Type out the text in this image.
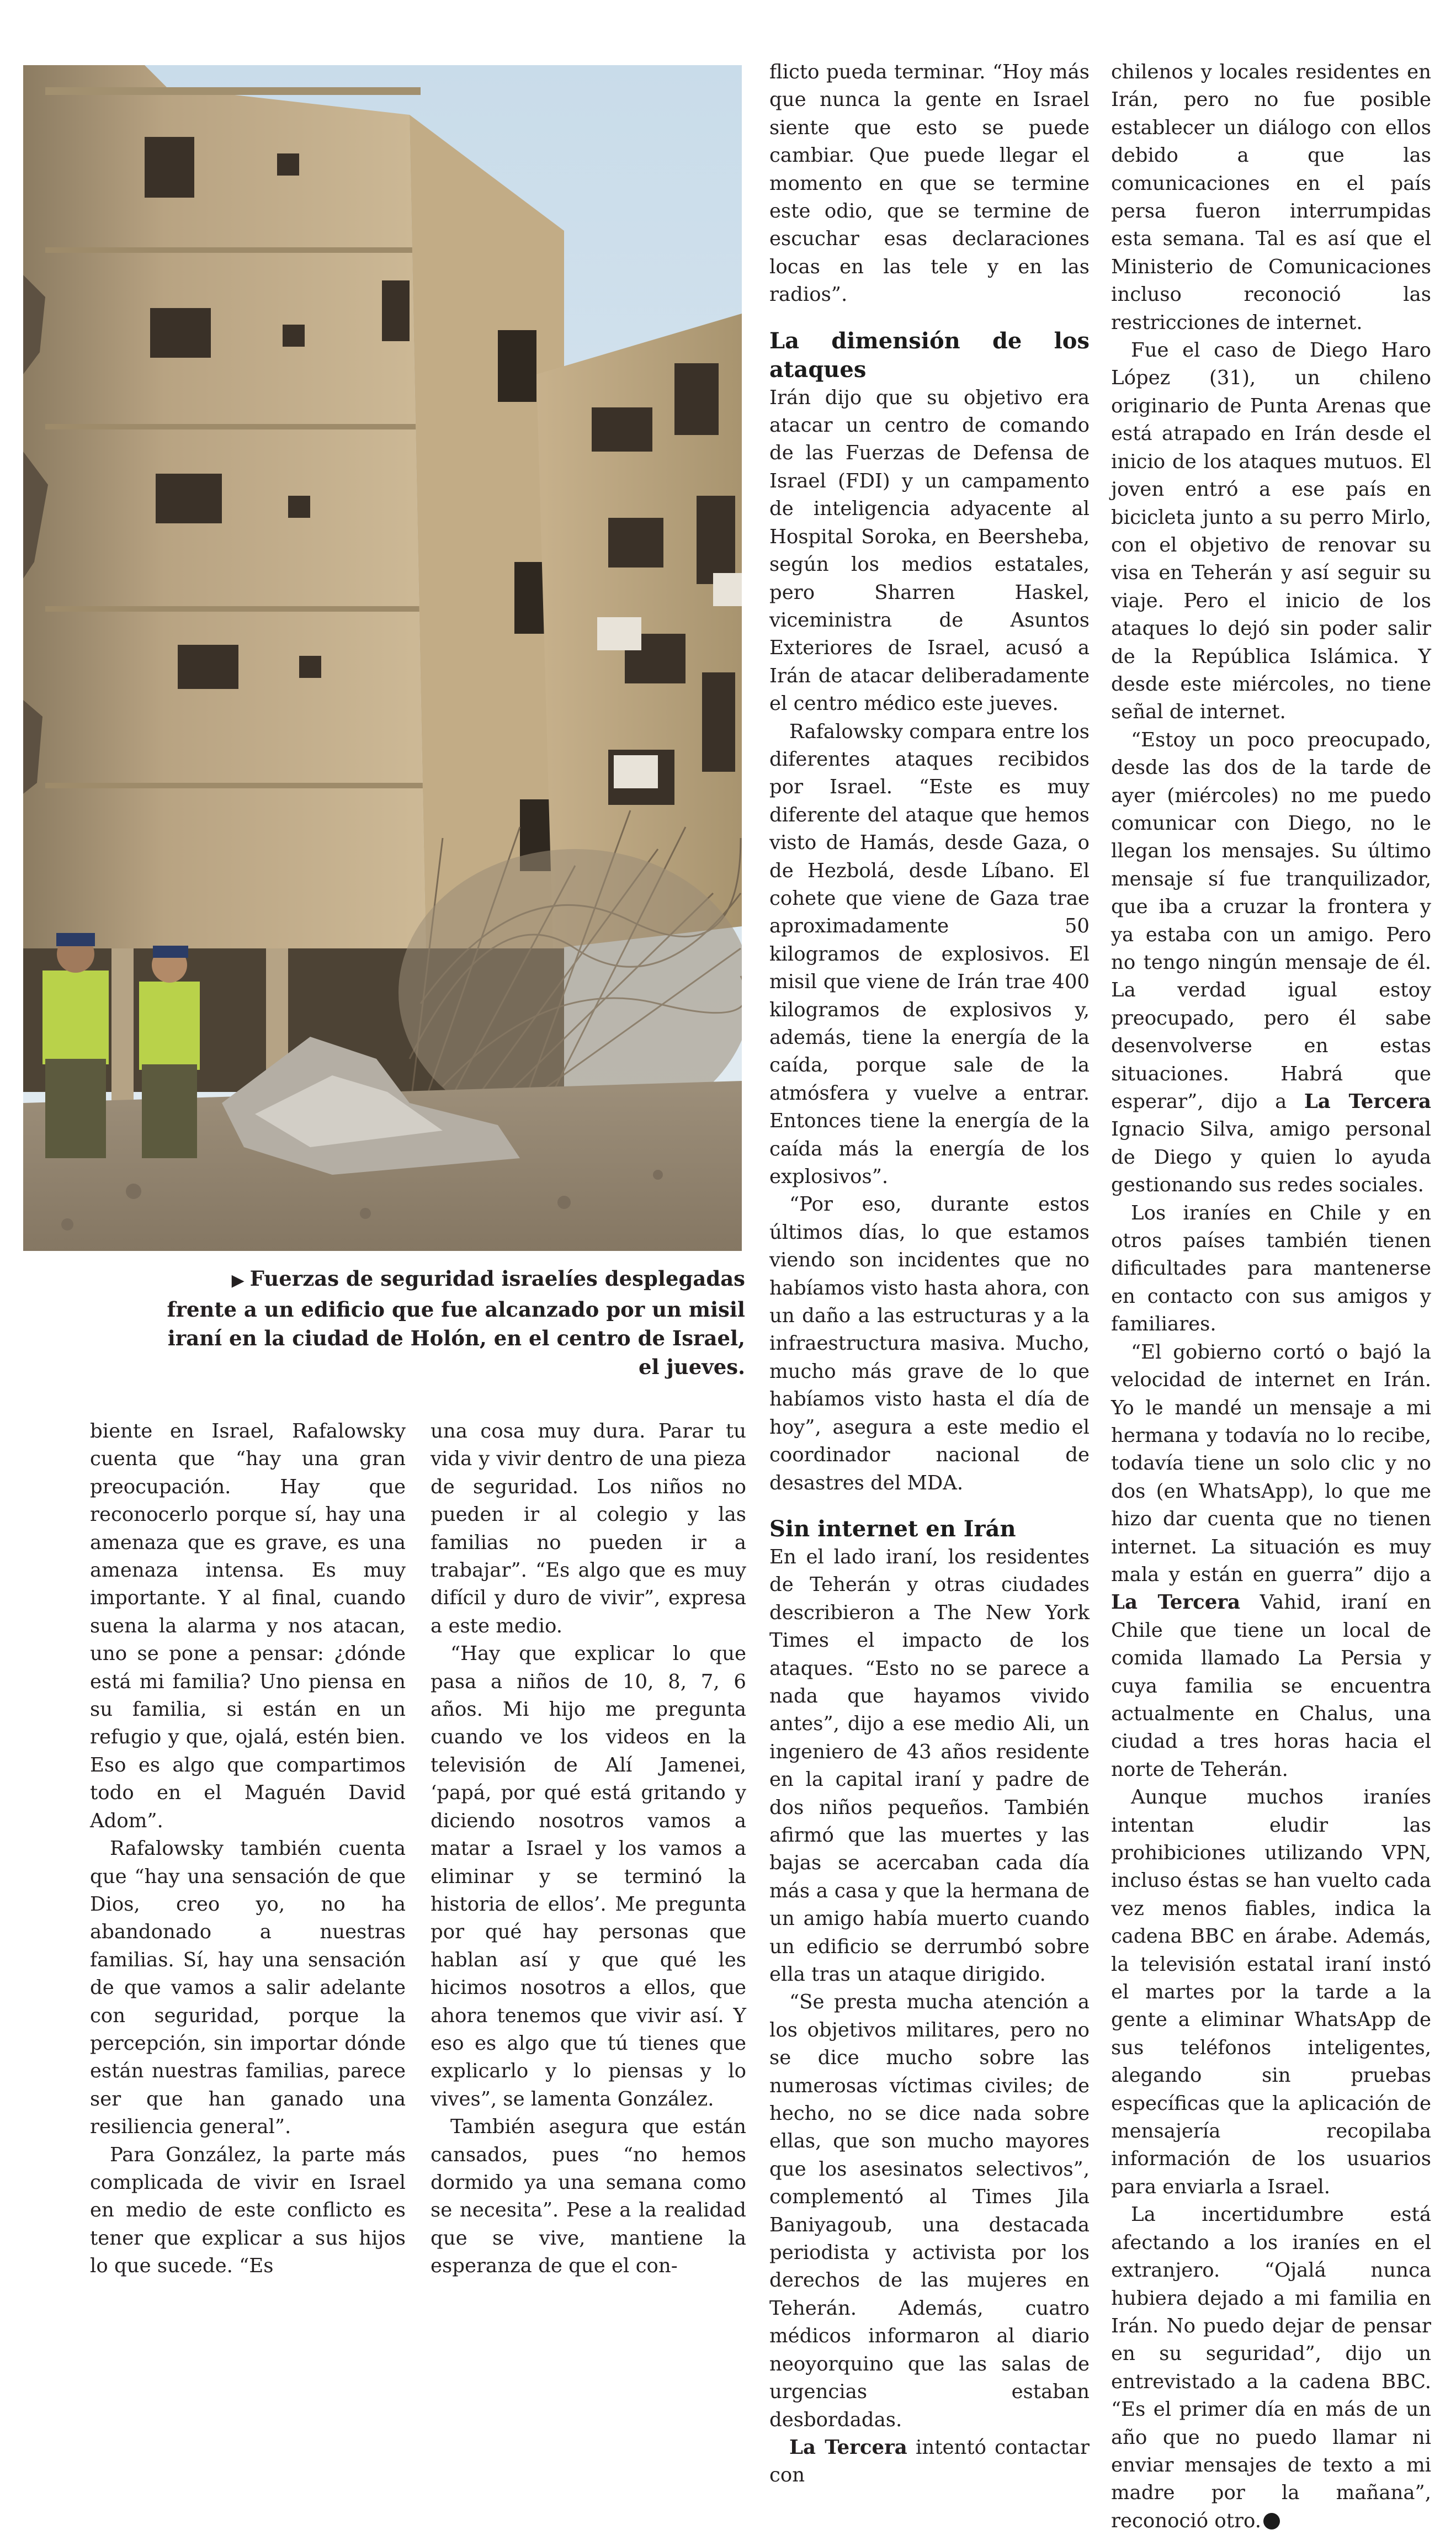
▶ Fuerzas de seguridad israelíes desplegadas frente a un edificio que fue alcanzado por un misil iraní en la ciudad de Holón, en el centro de Israel, el jueves.

flicto pueda terminar. “Hoy más que nunca la gente en Israel siente que esto se puede cambiar. Que puede llegar el momento en que se termine este odio, que se termine de escuchar esas declaraciones locas en las tele y en las radios”.

La dimensión de los ataques

Irán dijo que su objetivo era atacar un centro de comando de las Fuerzas de Defensa de Israel (FDI) y un campamento de inteligencia adyacente al Hospital Soroka, en Beersheba, según los medios estatales, pero Sharren Haskel, viceministra de Asuntos Exteriores de Israel, acusó a Irán de atacar deliberadamente el centro médico este jueves.

Rafalowsky compara entre los diferentes ataques recibidos por Israel. “Este es muy diferente del ataque que hemos visto de Hamás, desde Gaza, o de Hezbolá, desde Líbano. El cohete que viene de Gaza trae aproximadamente 50 kilogramos de explosivos. El misil que viene de Irán trae 400 kilogramos de explosivos y, además, tiene la energía de la caída, porque sale de la atmósfera y vuelve a entrar. Entonces tiene la energía de la caída más la energía de los explosivos”.

“Por eso, durante estos últimos días, lo que estamos viendo son incidentes que no habíamos visto hasta ahora, con un daño a las estructuras y a la infraestructura masiva. Mucho, mucho más grave de lo que habíamos visto hasta el día de hoy”, asegura a este medio el coordinador nacional de desastres del MDA.

Sin internet en Irán

En el lado iraní, los residentes de Teherán y otras ciudades describieron a The New York Times el impacto de los ataques. “Esto no se parece a nada que hayamos vivido antes”, dijo a ese medio Ali, un ingeniero de 43 años residente en la capital iraní y padre de dos niños pequeños. También afirmó que las muertes y las bajas se acercaban cada día más a casa y que la hermana de un amigo había muerto cuando un edificio se derrumbó sobre ella tras un ataque dirigido.

“Se presta mucha atención a los objetivos militares, pero no se dice mucho sobre las numerosas víctimas civiles; de hecho, no se dice nada sobre ellas, que son mucho mayores que los asesinatos selectivos”, complementó al Times Jila Baniyagoub, una destacada periodista y activista por los derechos de las mujeres en Teherán. Además, cuatro médicos informaron al diario neoyorquino que las salas de urgencias estaban desbordadas.

La Tercera intentó contactar con

chilenos y locales residentes en Irán, pero no fue posible establecer un diálogo con ellos debido a que las comunicaciones en el país persa fueron interrumpidas esta semana. Tal es así que el Ministerio de Comunicaciones incluso reconoció las restricciones de internet.

Fue el caso de Diego Haro López (31), un chileno originario de Punta Arenas que está atrapado en Irán desde el inicio de los ataques mutuos. El joven entró a ese país en bicicleta junto a su perro Mirlo, con el objetivo de renovar su visa en Teherán y así seguir su viaje. Pero el inicio de los ataques lo dejó sin poder salir de la República Islámica. Y desde este miércoles, no tiene señal de internet.

“Estoy un poco preocupado, desde las dos de la tarde de ayer (miércoles) no me puedo comunicar con Diego, no le llegan los mensajes. Su último mensaje sí fue tranquilizador, que iba a cruzar la frontera y ya estaba con un amigo. Pero no tengo ningún mensaje de él. La verdad igual estoy preocupado, pero él sabe desenvolverse en estas situaciones. Habrá que esperar”, dijo a La Tercera Ignacio Silva, amigo personal de Diego y quien lo ayuda gestionando sus redes sociales.

Los iraníes en Chile y en otros países también tienen dificultades para mantenerse en contacto con sus amigos y familiares.

“El gobierno cortó o bajó la velocidad de internet en Irán. Yo le mandé un mensaje a mi hermana y todavía no lo recibe, todavía tiene un solo clic y no dos (en WhatsApp), lo que me hizo dar cuenta que no tienen internet. La situación es muy mala y están en guerra” dijo a La Tercera Vahid, iraní en Chile que tiene un local de comida llamado La Persia y cuya familia se encuentra actualmente en Chalus, una ciudad a tres horas hacia el norte de Teherán.

Aunque muchos iraníes intentan eludir las prohibiciones utilizando VPN, incluso éstas se han vuelto cada vez menos fiables, indica la cadena BBC en árabe. Además, la televisión estatal iraní instó el martes por la tarde a la gente a eliminar WhatsApp de sus teléfonos inteligentes, alegando sin pruebas específicas que la aplicación de mensajería recopilaba información de los usuarios para enviarla a Israel.

La incertidumbre está afectando a los iraníes en el extranjero. “Ojalá nunca hubiera dejado a mi familia en Irán. No puedo dejar de pensar en su seguridad”, dijo un entrevistado a la cadena BBC. “Es el primer día en más de un año que no puedo llamar ni enviar mensajes de texto a mi madre por la mañana”, reconoció otro.

biente en Israel, Rafalowsky cuenta que “hay una gran preocupación. Hay que reconocerlo porque sí, hay una amenaza que es grave, es una amenaza intensa. Es muy importante. Y al final, cuando suena la alarma y nos atacan, uno se pone a pensar: ¿dónde está mi familia? Uno piensa en su familia, si están en un refugio y que, ojalá, estén bien. Eso es algo que compartimos todo en el Maguén David Adom”.

Rafalowsky también cuenta que “hay una sensación de que Dios, creo yo, no ha abandonado a nuestras familias. Sí, hay una sensación de que vamos a salir adelante con seguridad, porque la percepción, sin importar dónde están nuestras familias, parece ser que han ganado una resiliencia general”.

Para González, la parte más complicada de vivir en Israel en medio de este conflicto es tener que explicar a sus hijos lo que sucede. “Es

una cosa muy dura. Parar tu vida y vivir dentro de una pieza de seguridad. Los niños no pueden ir al colegio y las familias no pueden ir a trabajar”. “Es algo que es muy difícil y duro de vivir”, expresa a este medio.

“Hay que explicar lo que pasa a niños de 10, 8, 7, 6 años. Mi hijo me pregunta cuando ve los videos en la televisión de Alí Jamenei, ‘papá, por qué está gritando y diciendo nosotros vamos a matar a Israel y los vamos a eliminar y se terminó la historia de ellos’. Me pregunta por qué hay personas que hablan así y que qué les hicimos nosotros a ellos, que ahora tenemos que vivir así. Y eso es algo que tú tienes que explicarlo y lo piensas y lo vives”, se lamenta González.

También asegura que están cansados, pues “no hemos dormido ya una semana como se necesita”. Pese a la realidad que se vive, mantiene la esperanza de que el con-
